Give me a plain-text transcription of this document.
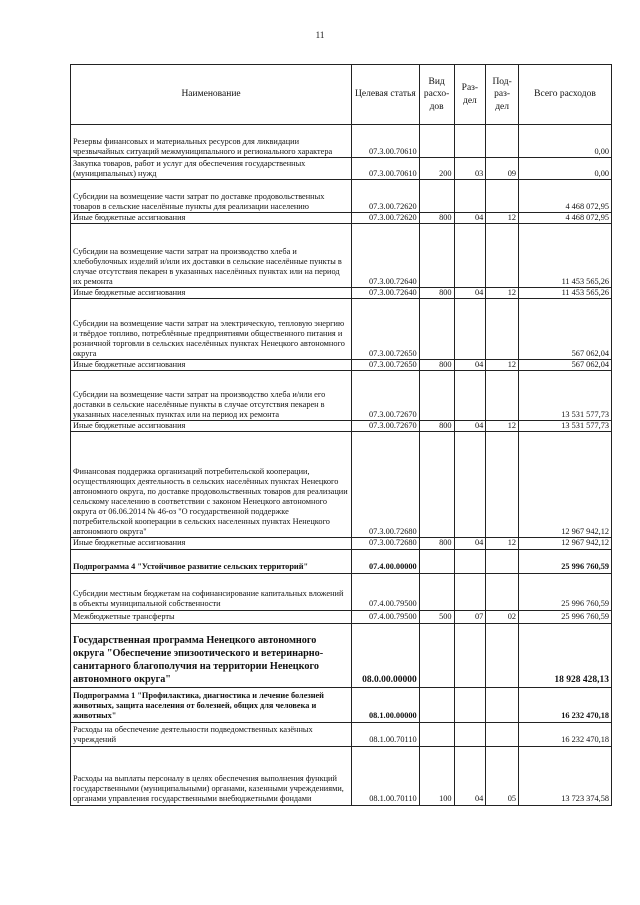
11
Наименование	Целевая статья	Вид расхо-дов	Раз-дел	Под-раз-дел	Всего расходов
Резервы финансовых и материальных ресурсов для ликвидации чрезвычайных ситуаций межмуниципального и регионального характера	07.3.00.70610				0,00
Закупка товаров, работ и услуг для обеспечения государственных (муниципальных) нужд	07.3.00.70610	200	03	09	0,00
Субсидии на возмещение части затрат по доставке продовольственных товаров в сельские населённые пункты для реализации населению	07.3.00.72620				4 468 072,95
Иные бюджетные ассигнования	07.3.00.72620	800	04	12	4 468 072,95
Субсидии на возмещение части затрат на производство хлеба и хлебобулочных изделий и/или их доставки в сельские населённые пункты в случае отсутствия пекарен в указанных населённых пунктах или на период их ремонта	07.3.00.72640				11 453 565,26
Иные бюджетные ассигнования	07.3.00.72640	800	04	12	11 453 565,26
Субсидии на возмещение части затрат на электрическую, тепловую энергию и твёрдое топливо, потреблённые предприятиями общественного питания и розничной торговли в сельских населённых пунктах Ненецкого автономного округа	07.3.00.72650				567 062,04
Иные бюджетные ассигнования	07.3.00.72650	800	04	12	567 062,04
Субсидии на возмещение части затрат на производство хлеба и/или его доставки в сельские населённые пункты в случае отсутствия пекарен в указанных населенных пунктах или на период их ремонта	07.3.00.72670				13 531 577,73
Иные бюджетные ассигнования	07.3.00.72670	800	04	12	13 531 577,73
Финансовая поддержка организаций потребительской кооперации, осуществляющих деятельность в сельских населённых пунктах Ненецкого автономного округа, по доставке продовольственных товаров для реализации сельскому населению в соответствии с законом Ненецкого автономного округа от 06.06.2014 № 46-оз "О государственной поддержке потребительской кооперации в сельских населенных пунктах Ненецкого автономного округа"	07.3.00.72680				12 967 942,12
Иные бюджетные ассигнования	07.3.00.72680	800	04	12	12 967 942,12
Подпрограмма 4 "Устойчивое развитие сельских территорий"	07.4.00.00000				25 996 760,59
Субсидии местным бюджетам на софинансирование капитальных вложений в объекты муниципальной собственности	07.4.00.79500				25 996 760,59
Межбюджетные трансферты	07.4.00.79500	500	07	02	25 996 760,59
Государственная программа Ненецкого автономного округа "Обеспечение эпизоотического и ветеринарно-санитарного благополучия на территории Ненецкого автономного округа"	08.0.00.00000				18 928 428,13
Подпрограмма 1 "Профилактика, диагностика и лечение болезней животных, защита населения от болезней, общих для человека и животных"	08.1.00.00000				16 232 470,18
Расходы на обеспечение деятельности подведомственных казённых учреждений	08.1.00.70110				16 232 470,18
Расходы на выплаты персоналу в целях обеспечения выполнения функций государственными (муниципальными) органами, казенными учреждениями, органами управления государственными внебюджетными фондами	08.1.00.70110	100	04	05	13 723 374,58
